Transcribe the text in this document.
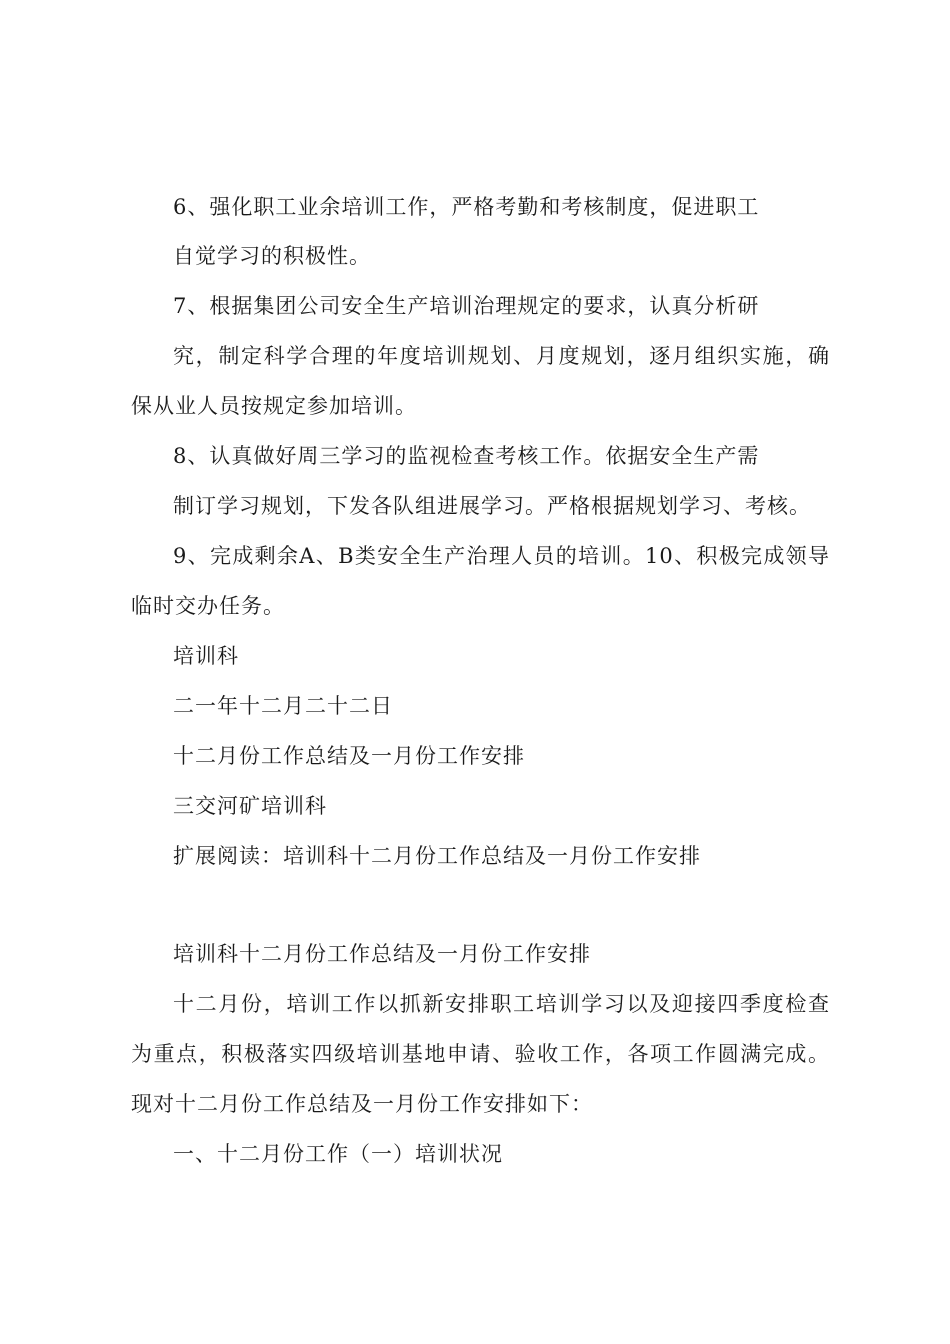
6、强化职工业余培训工作，严格考勤和考核制度，促进职工

自觉学习的积极性。

7、根据集团公司安全生产培训治理规定的要求，认真分析研

究，制定科学合理的年度培训规划、月度规划，逐月组织实施，确

保从业人员按规定参加培训。

8、认真做好周三学习的监视检查考核工作。依据安全生产需

制订学习规划，下发各队组进展学习。严格根据规划学习、考核。

9、完成剩余A、B类安全生产治理人员的培训。10、积极完成领导

临时交办任务。

培训科

二一年十二月二十二日

十二月份工作总结及一月份工作安排

三交河矿培训科

扩展阅读：培训科十二月份工作总结及一月份工作安排

培训科十二月份工作总结及一月份工作安排

十二月份，培训工作以抓新安排职工培训学习以及迎接四季度检查

为重点，积极落实四级培训基地申请、验收工作，各项工作圆满完成。

现对十二月份工作总结及一月份工作安排如下：

一、十二月份工作（一）培训状况
